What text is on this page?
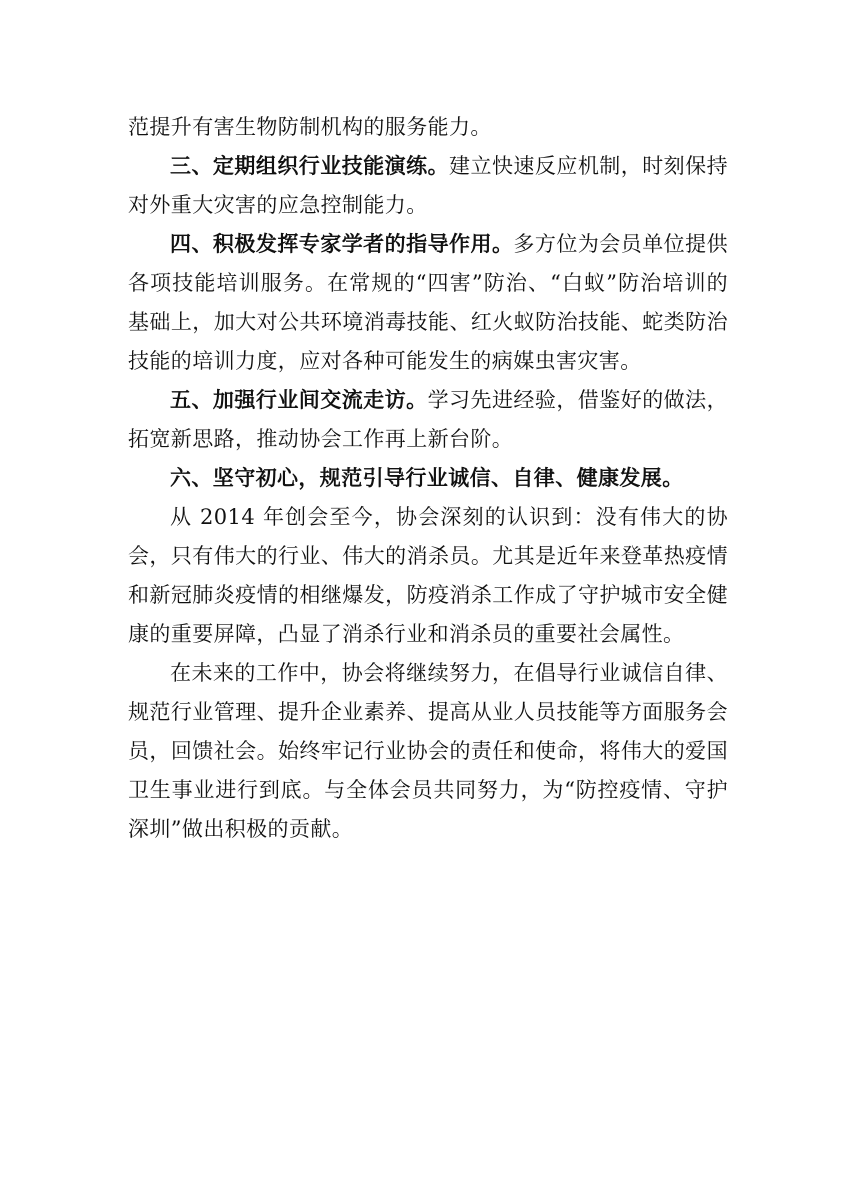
范提升有害生物防制机构的服务能力。

三、定期组织行业技能演练。建立快速反应机制，时刻保持对外重大灾害的应急控制能力。

四、积极发挥专家学者的指导作用。多方位为会员单位提供各项技能培训服务。在常规的“四害”防治、“白蚁”防治培训的基础上，加大对公共环境消毒技能、红火蚁防治技能、蛇类防治技能的培训力度，应对各种可能发生的病媒虫害灾害。

五、加强行业间交流走访。学习先进经验，借鉴好的做法，拓宽新思路，推动协会工作再上新台阶。

六、坚守初心，规范引导行业诚信、自律、健康发展。

从 2014 年创会至今，协会深刻的认识到：没有伟大的协会，只有伟大的行业、伟大的消杀员。尤其是近年来登革热疫情和新冠肺炎疫情的相继爆发，防疫消杀工作成了守护城市安全健康的重要屏障，凸显了消杀行业和消杀员的重要社会属性。

在未来的工作中，协会将继续努力，在倡导行业诚信自律、规范行业管理、提升企业素养、提高从业人员技能等方面服务会员，回馈社会。始终牢记行业协会的责任和使命，将伟大的爱国卫生事业进行到底。与全体会员共同努力，为“防控疫情、守护深圳”做出积极的贡献。
